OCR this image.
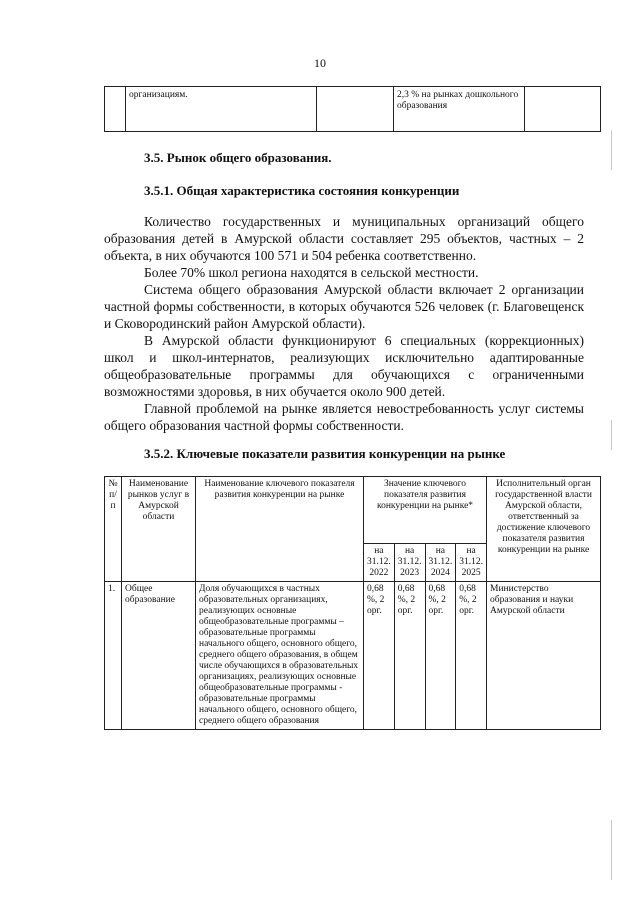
10
	организациям.		2,3 % на рынках дошкольного образования	
3.5. Рынок общего образования.
3.5.1. Общая характеристика состояния конкуренции

Количество государственных и муниципальных организаций общего образования детей в Амурской области составляет 295 объектов, частных – 2 объекта, в них обучаются 100 571 и 504 ребенка соответственно.

Более 70% школ региона находятся в сельской местности.

Система общего образования Амурской области включает 2 организации частной формы собственности, в которых обучаются 526 человек (г. Благовещенск и Сковородинский район Амурской области).

В Амурской области функционируют 6 специальных (коррекционных) школ и школ-интернатов, реализующих исключительно адаптированные общеобразовательные программы для обучающихся с ограниченными возможностями здоровья, в них обучается около 900 детей.

Главной проблемой на рынке является невостребованность услуг системы общего образования частной формы собственности.

3.5.2. Ключевые показатели развития конкуренции на рынке
№ п/п	Наименование рынков услуг в Амурской области	Наименование ключевого показателя развития конкуренции на рынке	Значение ключевого показателя развития конкуренции на рынке*				Исполнительный орган государственной власти Амурской области, ответственный за достижение ключевого показателя развития конкуренции на рынке
			на 31.12. 2022	на 31.12. 2023	на 31.12. 2024	на 31.12. 2025	
1.	Общее образование	Доля обучающихся в частных образовательных организациях, реализующих основные общеобразовательные программы – образовательные программы начального общего, основного общего, среднего общего образования, в общем числе обучающихся в образовательных организациях, реализующих основные общеобразовательные программы - образовательные программы начального общего, основного общего, среднего общего образования	0,68 %, 2 орг.	0,68 %, 2 орг.	0,68 %, 2 орг.	0,68 %, 2 орг.	Министерство образования и науки Амурской области
